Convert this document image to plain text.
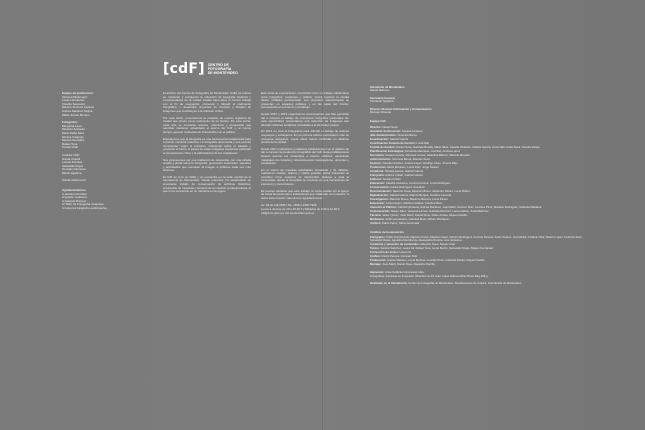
Equipo de producción:
Ximena Riedemann
Lucas Hernández
Claudio Saavedra
Marcos Jiménez Lecaros
Andrés Martínez Mujica
Pablo Jurado Moreno
Fotógrafos:
Margarita Leiva
Mauricio Acevedo
Mario Peña Sáez
Mónica Cadenas
Sandra Gonzalez
Rafael Tena
Cecilia Vidal
Curador CDF:
Gisela Urquidi
Lorena Fuentes
Sebastián Rojas
Gonzalo Carmona
Martín Aguilera
Giselle Rabinovich
Agradecimientos:
A Jacinto González
A Ignacio Ledesma
A Gerardo Romero
Al Taller de Fotografía Uruguaya
A todos los fotógrafos participantes
[cdF] CENTRO DE
FOTOGRAFÍA
DE MONTEVIDEO

El archivo del Centro de Fotografía de Montevideo (CdF) se enfocó en mantener y enriquecer la colección de fotografía histórica y contemporánea de la ciudad. Desde hace años el Centro trabaja con el fin de resguardar, conservar y difundir el patrimonio fotográfico, y desarrollar proyectos de creación y difusión de imágenes que contribuyan a la reflexión crítica.

Por esta razón, promovemos la creación de nuevos registros de ciudad que sirvan como testimonio de su tiempo. De esta forma, cada año se convocan autores, colectivos y propuestas que permitan mantener actualizado el acervo del CdF y, al mismo tiempo, generar instancias de intercambio con el público.

Entendemos que la fotografía es una herramienta fundamental para construir memoria colectiva. La fotografía documenta y nos permite comprender mejor el presente, reflexionar sobre el pasado y proyectar el futuro. A través de estas imágenes buscamos estimular el pensamiento crítico y la participación de los ciudadanos.

Nos proponemos ser una institución de referencia, con una mirada amplia y plural sobre la fotografía, generando contenidos, espacios y actividades que acerquen la imagen a públicos cada vez más diversos.

El CdF se creó en 2002 y se encuentra en la sede central de la Intendencia de Montevideo. Desde entonces, ha desarrollado un importante trabajo de conservación de archivos históricos, producción de muestras y fomento de la creación contemporánea, lo que lo ha convertido en un referente en la región.

Esta serie de exposiciones, concebida como un trabajo colaborativo entre fotógrafos, curadores y público, busca explorar la ciudad desde múltiples perspectivas. Los proyectos seleccionados se presentan en espacios públicos y en las salas del Centro, promoviendo el encuentro y el diálogo.

Desde 2007 y 2013 organizamos convocatorias que han permitido dar a conocer el trabajo de numerosos fotógrafos nacionales. En esta oportunidad, presentamos una selección de imágenes que abordan distintas temáticas vinculadas a la identidad urbana.

En 2014 se creó el Fotograma para difundir el trabajo de autores uruguayos y extranjeros. En su primera edición participaron más de cincuenta fotógrafos, cuyas obras fueron exhibidas en distintos puntos de la ciudad.

Desde 2007 producimos y editamos publicaciones con el objetivo de dar a conocer la producción fotográfica del CdF. Estas publicaciones buscan acercar los contenidos a nuevos públicos, generando materiales de consulta y referencia para investigadores, docentes y estudiantes.

En el marco de nuestras actividades formativas y de difusión, realizamos charlas, talleres y visitas guiadas. Estas instancias se conciben como espacios de intercambio abiertos a toda la comunidad, donde la fotografía se convierte en una herramienta de expresión y conocimiento.

Es preciso destacar que este trabajo no sería posible sin el apoyo de todas las personas e instituciones que colaboran con nosotros. A todos ellos nuestro más sincero agradecimiento.

Av. 18 de Julio 885 | Tel. +598 2-1950 7966
Lunes a viernes de 10 a 19.30 h | Sábados de 9.30 a 14.30 h
cdf@imm.gub.uy | cdf.montevideo.gub.uy
Intendente de Montevideo
Daniel Martínez
Secretaria General
Fernando Nopitsch
Director División Información y Comunicación
Marcelo Rivarola
Equipo CdF
Director: Daniel Sosa
Asistente de Dirección: Susana Centeno
Jefe Administrativo: Verónica Berna
Coordinación: Gabriel García
Coordinación Sistema de Gestión: Lucía Nalí
Comité de Gestión: Daniel Sosa, Gabriela Bonilla, Mario Silva, Claudia Ordoñez, Gabriel García, Lucía Nalí, Carla Sosa, Victoria Varela
Planificación Estratégica: Fernando Manrique, Lía Díaz, Andrea López
Secretaría: Susana Acosta, Vanessa Lemos, Valentina Blanco, Marcelo Méndez
Administración: Verónica Berna, Marcelo Sosa
Gestión: Claudia Ordoñez, Andrés López, Rodrigo Vives, Jimena Rigo
Producción: Mario Martinez, Lucía Díaz, Jorge Suarez
Curaduría: Nicolás Liendo, Gabriel García
Fotografía: Andrés Cribari, Gabriel García
Editores: Andrés Cribari
Educación: Claudia Carrasco, Lorena Ferreira, Lucía Rodríguez
Conservación: Carlos Rodríguez, Ana Ruiz
Documentación: Mauricio Sosa, Mauricio Bruno, Alejandro Núñez, Lucía Núñez
Digitalización: Gabriel García, Marcos Borges, Gustavo Lacerda
Investigación: Mauricio Bruno, Mauricio Barrera, Lucía Rivero
Educación: Lucía Negrín, Martina Coldaro, Carolina Ríos
Atención al Público: Gabriel Quintana, Andrea Martínez, Juan Martí, Carmen Ruiz, Lourdes Pinto, Mariano Rodríguez, Gabriela Maidana
Comunicación: Mauro Páez, Vanessa Lemos, Gabriela Ramírez, Laura Mattos, Sofía Martínez
Técnica: Javier Quiroz, Juan Martí, Daniel Pose, Pablo Arrieta, Miguel Castillo
Mediateca: Julián Hernández, Gabriela Melo, Miriam Rodríguez
Archivo: Pablo Pérez, Silvia Carminatti
Créditos de la exposición
Fotógrafos: Pablo Porciúncula, Marcelo Conte, Mauricio Saez, Ramiro Rodríguez, Antonio Pessoa, Fabio Suárez, Lía Ghioldi, Cristina Vidal, Nelson Lopez, Federico Ruiz, Sebastián Rojas, Agustina Mendiondo, Alessandra Pereira, Luis Verissimo
Curaduría y selección de contenidos: Mauricio Sosa, Sergio Vidal
Textos: Sandra Sánchez, Laura Gil, Rafael Tena, Lucía Bertini, Sebastián Rojas, Miguel Fernández
Corrección de textos: Laura Gil
Gráfica: Martín Pereira, Gonzalo Ruiz
Producción: Andrés Mariano, Lucía Medina, Lourdes Pinto, Gabriela Noblía, Miguel Castillo
Montaje: Juan Martí, Daniel Pose, Alejandro Parrilla
Impresión: Artes Gráficas Impresoras Ltda.
Fotografías: impresas en Impresión Ultrachrome K3 color, papel Hahnemühle Photo Rag 308 g.
Realizado en la Intendencia: Centro de Fotografía de Montevideo, Departamento de Cultura, Intendencia de Montevideo
